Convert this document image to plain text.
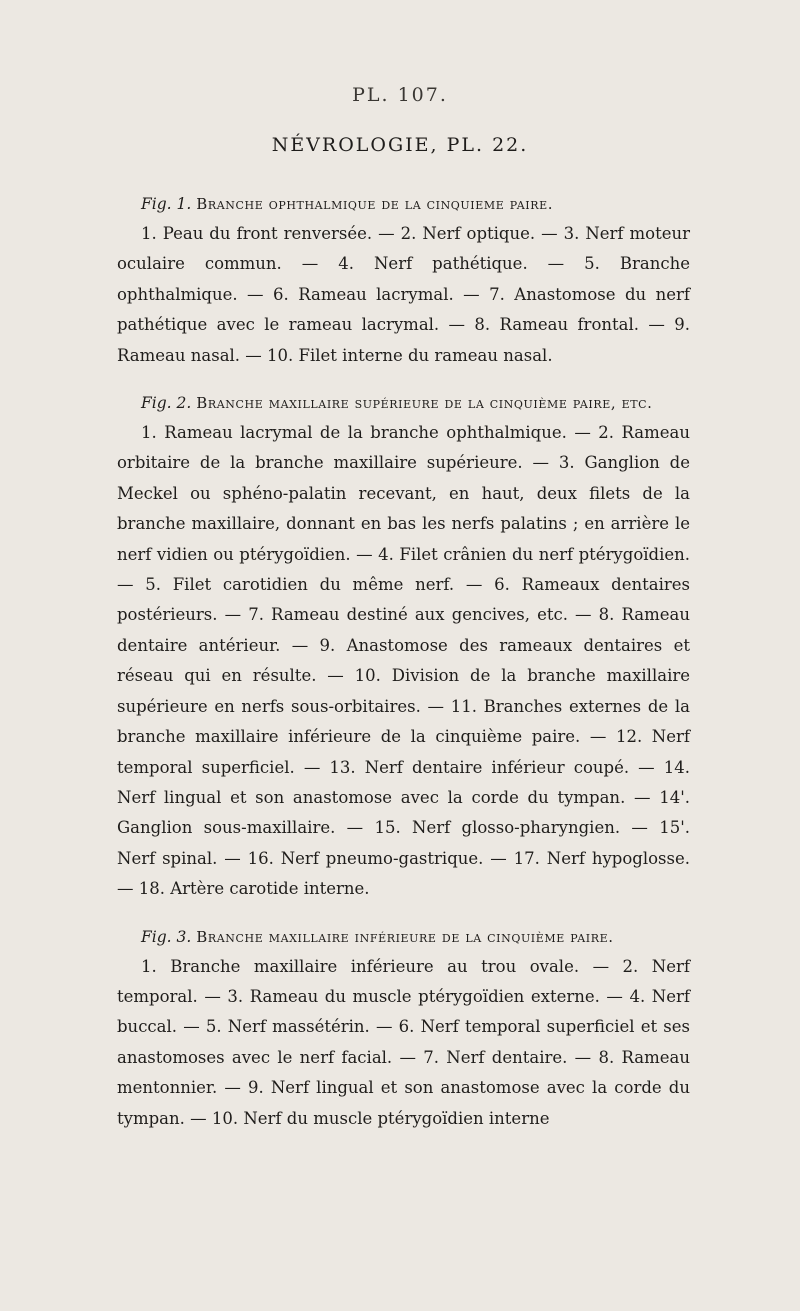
PL. 107.
NÉVROLOGIE, PL. 22.

Fig. 1. Branche ophthalmique de la cinquieme paire.

1. Peau du front renversée. — 2. Nerf optique. — 3. Nerf moteur oculaire commun. — 4. Nerf pathétique. — 5. Branche ophthalmique. — 6. Rameau lacrymal. — 7. Anastomose du nerf pathétique avec le rameau lacrymal. — 8. Rameau frontal. — 9. Rameau nasal. — 10. Filet interne du rameau nasal.

Fig. 2. Branche maxillaire supérieure de la cinquième paire, etc.

1. Rameau lacrymal de la branche ophthalmique. — 2. Rameau orbitaire de la branche maxillaire supérieure. — 3. Ganglion de Meckel ou sphéno-palatin recevant, en haut, deux filets de la branche maxillaire, donnant en bas les nerfs palatins ; en arrière le nerf vidien ou ptérygoïdien. — 4. Filet crânien du nerf ptérygoïdien. — 5. Filet carotidien du même nerf. — 6. Rameaux dentaires postérieurs. — 7. Rameau destiné aux gencives, etc. — 8. Rameau dentaire antérieur. — 9. Anastomose des rameaux dentaires et réseau qui en résulte. — 10. Division de la branche maxillaire supérieure en nerfs sous-orbitaires. — 11. Branches externes de la branche maxillaire inférieure de la cinquième paire. — 12. Nerf temporal superficiel. — 13. Nerf dentaire inférieur coupé. — 14. Nerf lingual et son anastomose avec la corde du tympan. — 14'. Ganglion sous-maxillaire. — 15. Nerf glosso-pharyngien. — 15'. Nerf spinal. — 16. Nerf pneumo-gastrique. — 17. Nerf hypoglosse. — 18. Artère carotide interne.

Fig. 3. Branche maxillaire inférieure de la cinquième paire.

1. Branche maxillaire inférieure au trou ovale. — 2. Nerf temporal. — 3. Rameau du muscle ptérygoïdien externe. — 4. Nerf buccal. — 5. Nerf massétérin. — 6. Nerf temporal superficiel et ses anastomoses avec le nerf facial. — 7. Nerf dentaire. — 8. Rameau mentonnier. — 9. Nerf lingual et son anastomose avec la corde du tympan. — 10. Nerf du muscle ptérygoïdien interne
